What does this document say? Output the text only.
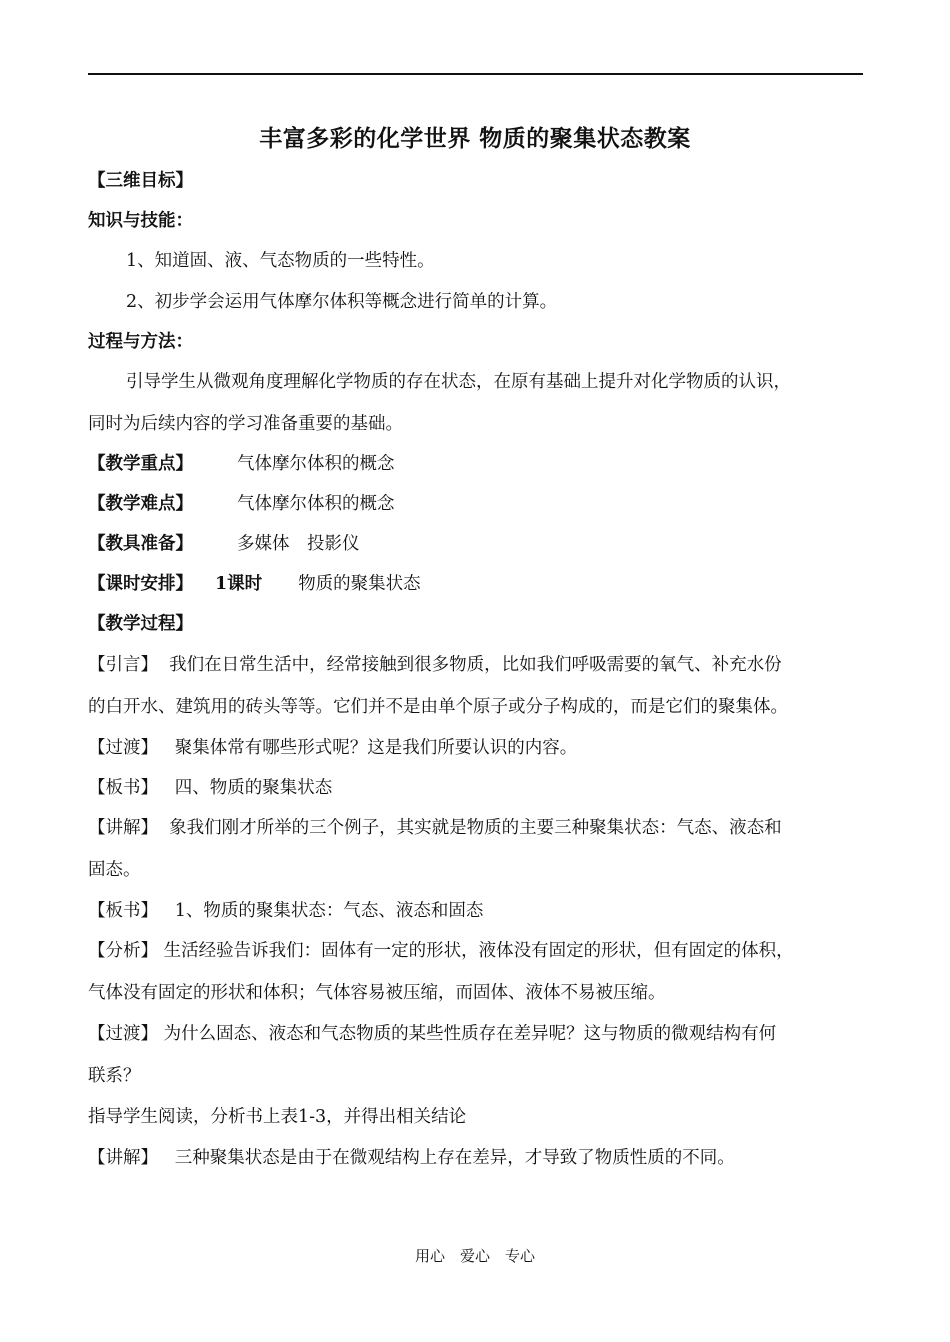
丰富多彩的化学世界 物质的聚集状态教案
【三维目标】
知识与技能：
1、知道固、液、气态物质的一些特性。
2、初步学会运用气体摩尔体积等概念进行简单的计算。
过程与方法：
引导学生从微观角度理解化学物质的存在状态，在原有基础上提升对化学物质的认识，
同时为后续内容的学习准备重要的基础。
【教学重点】	气体摩尔体积的概念
【教学难点】	气体摩尔体积的概念
【教具准备】	多媒体　投影仪
【课时安排】 1课时 物质的聚集状态
【教学过程】
【引言】 我们在日常生活中，经常接触到很多物质，比如我们呼吸需要的氧气、补充水份
的白开水、建筑用的砖头等等。它们并不是由单个原子或分子构成的，而是它们的聚集体。
【过渡】 聚集体常有哪些形式呢？这是我们所要认识的内容。
【板书】 四、物质的聚集状态
【讲解】 象我们刚才所举的三个例子，其实就是物质的主要三种聚集状态：气态、液态和
固态。
【板书】 1、物质的聚集状态：气态、液态和固态
【分析】 生活经验告诉我们：固体有一定的形状，液体没有固定的形状，但有固定的体积，
气体没有固定的形状和体积；气体容易被压缩，而固体、液体不易被压缩。
【过渡】 为什么固态、液态和气态物质的某些性质存在差异呢？这与物质的微观结构有何
联系？
指导学生阅读，分析书上表1-3，并得出相关结论
【讲解】 三种聚集状态是由于在微观结构上存在差异，才导致了物质性质的不同。
用心　爱心　专心
